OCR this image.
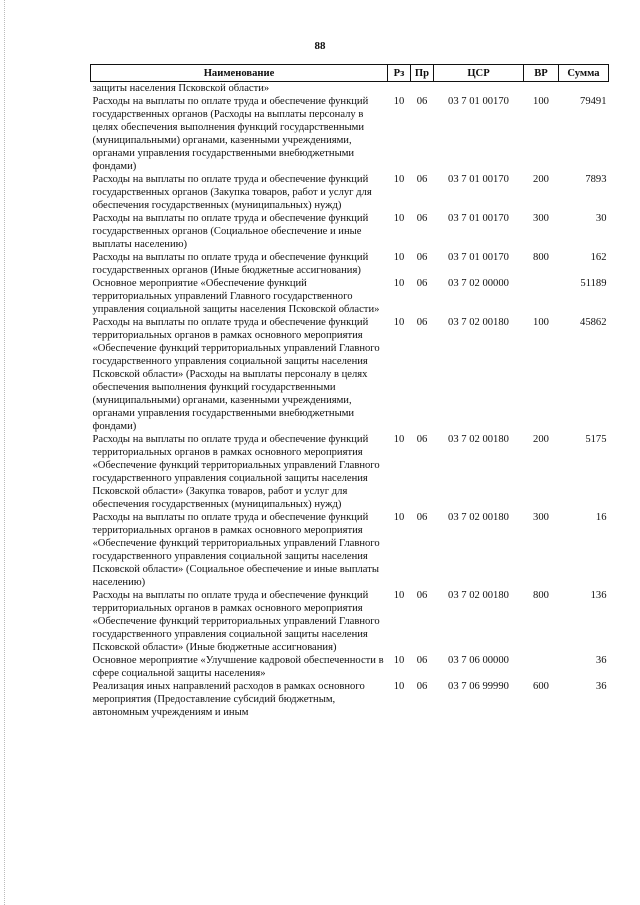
88
Наименование	Рз	Пр	ЦСР	ВР	Сумма
защиты населения Псковской области»					
Расходы на выплаты по оплате труда и обеспечение функций государственных органов (Расходы на выплаты персоналу в целях обеспечения выполнения функций государственными (муниципальными) органами, казенными учреждениями, органами управления государственными внебюджетными фондами)	10	06	03 7 01 00170	100	79491
Расходы на выплаты по оплате труда и обеспечение функций государственных органов (Закупка товаров, работ и услуг для обеспечения государственных (муниципальных) нужд)	10	06	03 7 01 00170	200	7893
Расходы на выплаты по оплате труда и обеспечение функций государственных органов (Социальное обеспечение и иные выплаты населению)	10	06	03 7 01 00170	300	30
Расходы на выплаты по оплате труда и обеспечение функций государственных органов (Иные бюджетные ассигнования)	10	06	03 7 01 00170	800	162
Основное мероприятие «Обеспечение функций территориальных управлений Главного государственного управления социальной защиты населения Псковской области»	10	06	03 7 02 00000		51189
Расходы на выплаты по оплате труда и обеспечение функций территориальных органов в рамках основного мероприятия «Обеспечение функций территориальных управлений Главного государственного управления социальной защиты населения Псковской области» (Расходы на выплаты персоналу в целях обеспечения выполнения функций государственными (муниципальными) органами, казенными учреждениями, органами управления государственными внебюджетными фондами)	10	06	03 7 02 00180	100	45862
Расходы на выплаты по оплате труда и обеспечение функций территориальных органов в рамках основного мероприятия «Обеспечение функций территориальных управлений Главного государственного управления социальной защиты населения Псковской области» (Закупка товаров, работ и услуг для обеспечения государственных (муниципальных) нужд)	10	06	03 7 02 00180	200	5175
Расходы на выплаты по оплате труда и обеспечение функций территориальных органов в рамках основного мероприятия «Обеспечение функций территориальных управлений Главного государственного управления социальной защиты населения Псковской области» (Социальное обеспечение и иные выплаты населению)	10	06	03 7 02 00180	300	16
Расходы на выплаты по оплате труда и обеспечение функций территориальных органов в рамках основного мероприятия «Обеспечение функций территориальных управлений Главного государственного управления социальной защиты населения Псковской области» (Иные бюджетные ассигнования)	10	06	03 7 02 00180	800	136
Основное мероприятие «Улучшение кадровой обеспеченности в сфере социальной защиты населения»	10	06	03 7 06 00000		36
Реализация иных направлений расходов в рамках основного мероприятия (Предоставление субсидий бюджетным, автономным учреждениям и иным	10	06	03 7 06 99990	600	36
